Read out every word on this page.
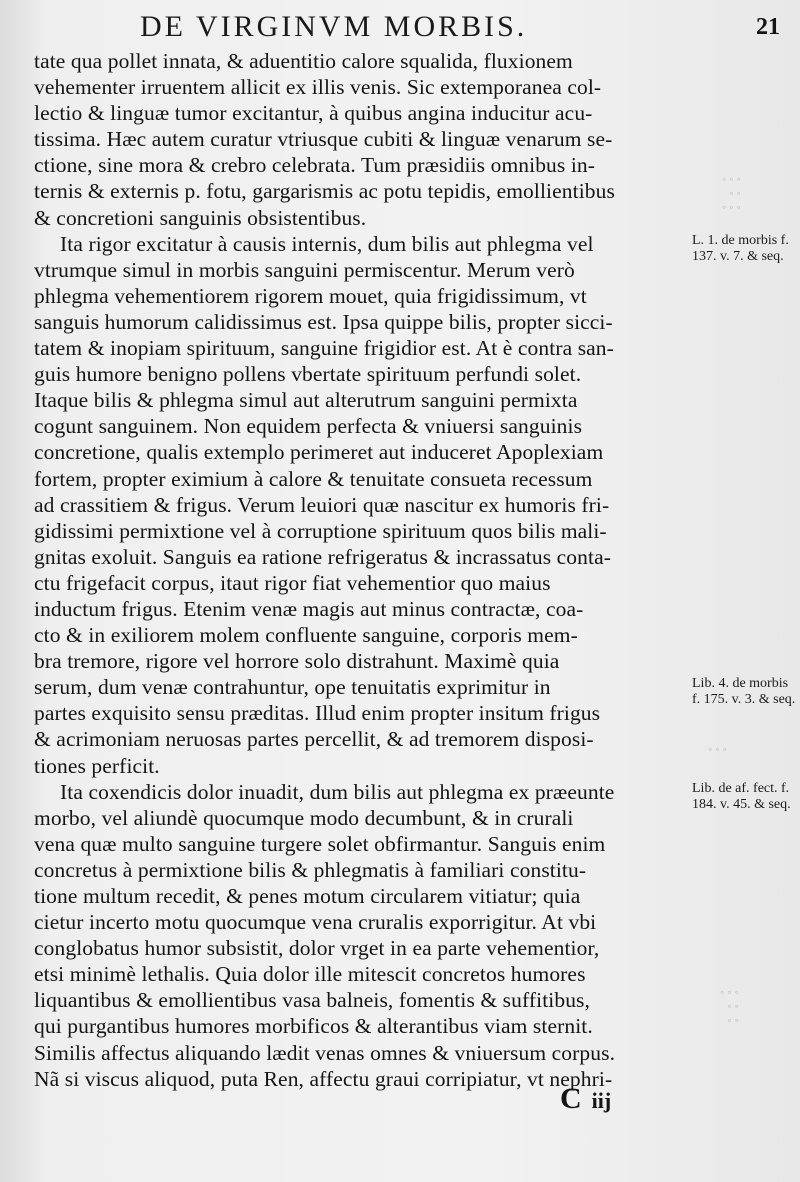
DE VIRGINVM MORBIS.	21
tate qua pollet innata, & aduentitio calore squalida, fluxionem
vehementer irruentem allicit ex illis venis. Sic extemporanea col-
lectio & linguæ tumor excitantur, à quibus angina inducitur acu-
tissima. Hæc autem curatur vtriusque cubiti & linguæ venarum se-
ctione, sine mora & crebro celebrata. Tum præsidiis omnibus in-
ternis & externis p. fotu, gargarismis ac potu tepidis, emollientibus
& concretioni sanguinis obsistentibus.
Ita rigor excitatur à causis internis, dum bilis aut phlegma vel
vtrumque simul in morbis sanguini permiscentur. Merum verò
phlegma vehementiorem rigorem mouet, quia frigidissimum, vt
sanguis humorum calidissimus est. Ipsa quippe bilis, propter sicci-
tatem & inopiam spirituum, sanguine frigidior est. At è contra san-
guis humore benigno pollens vbertate spirituum perfundi solet.
Itaque bilis & phlegma simul aut alterutrum sanguini permixta
cogunt sanguinem. Non equidem perfecta & vniuersi sanguinis
concretione, qualis extemplo perimeret aut induceret Apoplexiam
fortem, propter eximium à calore & tenuitate consueta recessum
ad crassitiem & frigus. Verum leuiori quæ nascitur ex humoris fri-
gidissimi permixtione vel à corruptione spirituum quos bilis mali-
gnitas exoluit. Sanguis ea ratione refrigeratus & incrassatus conta-
ctu frigefacit corpus, itaut rigor fiat vehementior quo maius
inductum frigus. Etenim venæ magis aut minus contractæ, coa-
cto & in exiliorem molem confluente sanguine, corporis mem-
bra tremore, rigore vel horrore solo distrahunt. Maximè quia
serum, dum venæ contrahuntur, ope tenuitatis exprimitur in
partes exquisito sensu præditas. Illud enim propter insitum frigus
& acrimoniam neruosas partes percellit, & ad tremorem disposi-
tiones perficit.
Ita coxendicis dolor inuadit, dum bilis aut phlegma ex præeunte
morbo, vel aliundè quocumque modo decumbunt, & in crurali
vena quæ multo sanguine turgere solet obfirmantur. Sanguis enim
concretus à permixtione bilis & phlegmatis à familiari constitu-
tione multum recedit, & penes motum circularem vitiatur; quia
cietur incerto motu quocumque vena cruralis exporrigitur. At vbi
conglobatus humor subsistit, dolor vrget in ea parte vehementior,
etsi minimè lethalis. Quia dolor ille mitescit concretos humores
liquantibus & emollientibus vasa balneis, fomentis & suffitibus,
qui purgantibus humores morbificos & alterantibus viam sternit.
Similis affectus aliquando lædit venas omnes & vniuersum corpus.
Nã si viscus aliquod, puta Ren, affectu graui corripiatur, vt nephri-
L. 1. de morbis f. 137. v. 7. & seq.
Lib. 4. de morbis f. 175. v. 3. & seq.
Lib. de af. fect. f. 184. v. 45. & seq.
◦ ◦ ◦
◦ ◦
◦ ◦ ◦
◦ ◦ ◦
◦ ◦ ◦
◦ ◦
◦ ◦
C iij
